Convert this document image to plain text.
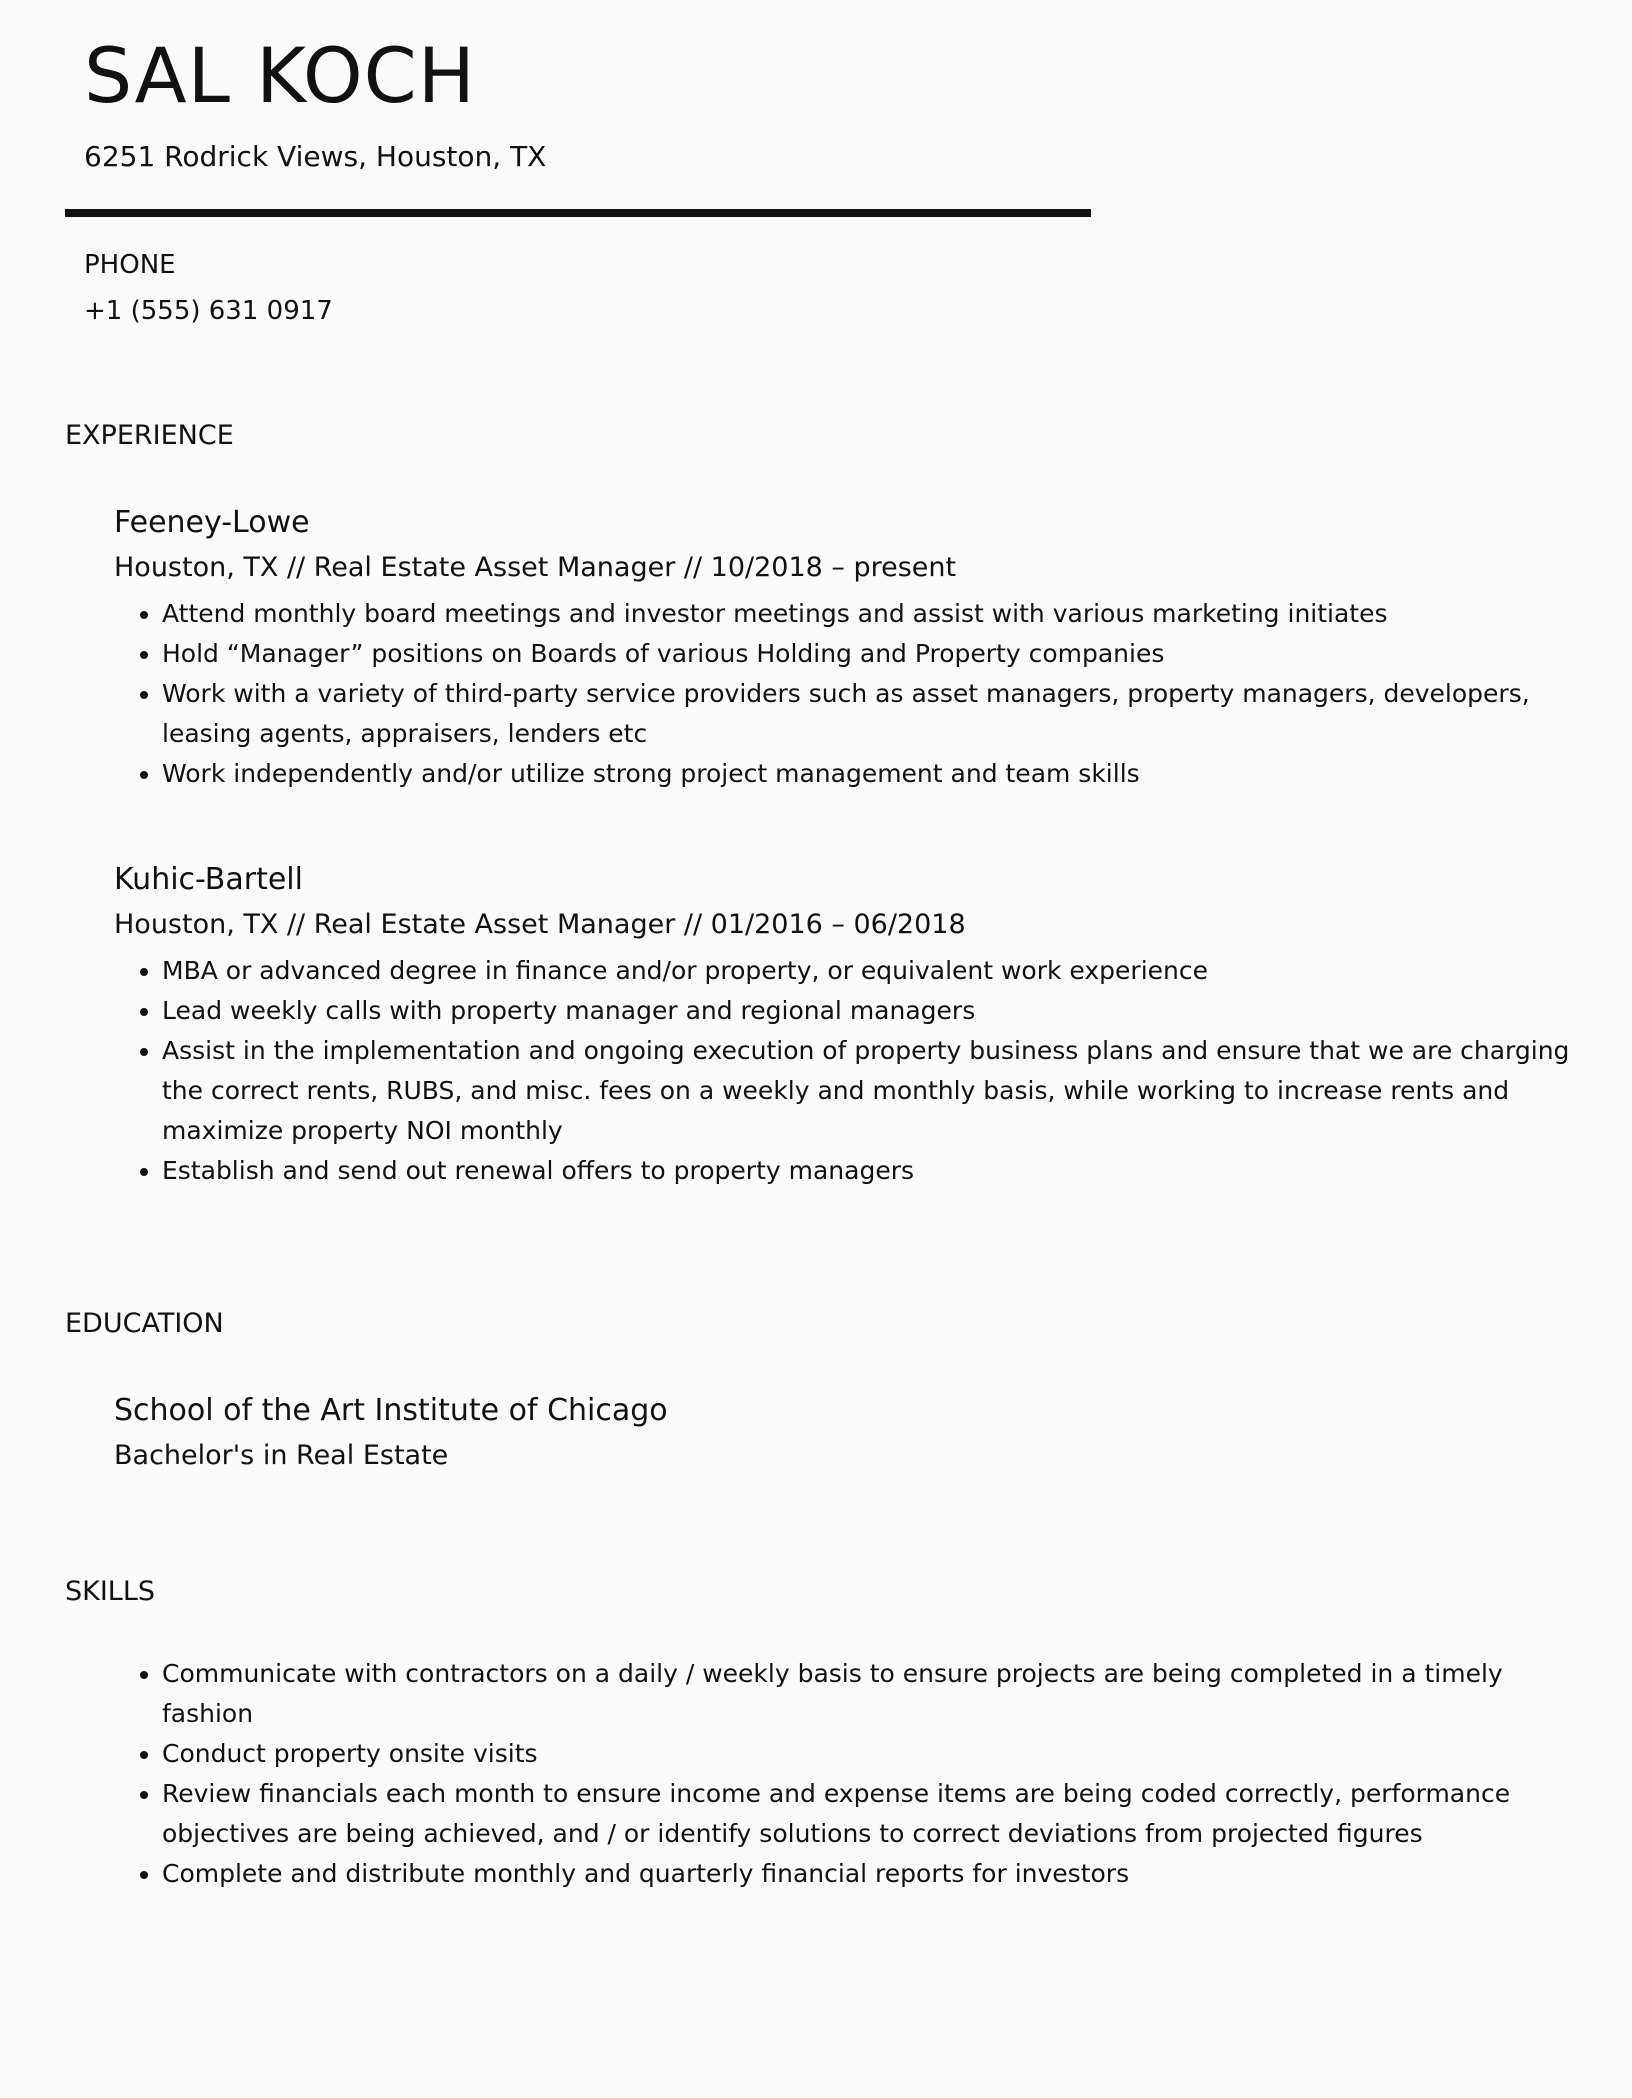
SAL KOCH
6251 Rodrick Views, Houston, TX
PHONE
+1 (555) 631 0917
EXPERIENCE
Feeney-Lowe
Houston, TX // Real Estate Asset Manager // 10/2018 – present
• Attend monthly board meetings and investor meetings and assist with various marketing initiates
• Hold “Manager” positions on Boards of various Holding and Property companies
• Work with a variety of third-party service providers such as asset managers, property managers, developers, leasing agents, appraisers, lenders etc
• Work independently and/or utilize strong project management and team skills
Kuhic-Bartell
Houston, TX // Real Estate Asset Manager // 01/2016 – 06/2018
• MBA or advanced degree in finance and/or property, or equivalent work experience
• Lead weekly calls with property manager and regional managers
• Assist in the implementation and ongoing execution of property business plans and ensure that we are charging the correct rents, RUBS, and misc. fees on a weekly and monthly basis, while working to increase rents and maximize property NOI monthly
• Establish and send out renewal offers to property managers
EDUCATION
School of the Art Institute of Chicago
Bachelor's in Real Estate
SKILLS
• Communicate with contractors on a daily / weekly basis to ensure projects are being completed in a timely fashion
• Conduct property onsite visits
• Review financials each month to ensure income and expense items are being coded correctly, performance objectives are being achieved, and / or identify solutions to correct deviations from projected figures
• Complete and distribute monthly and quarterly financial reports for investors
